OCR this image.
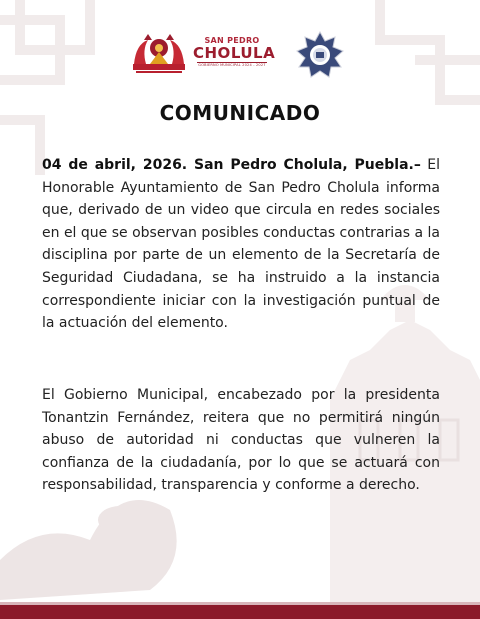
SAN PEDRO
CHOLULA
GOBIERNO MUNICIPAL 2024 - 2027
COMUNICADO

04 de abril, 2026. San Pedro Cholula, Puebla.– El Honorable Ayuntamiento de San Pedro Cholula informa que, derivado de un video que circula en redes sociales en el que se observan posibles conductas contrarias a la disciplina por parte de un elemento de la Secretaría de Seguridad Ciudadana, se ha instruido a la instancia correspondiente iniciar con la investigación puntual de la actuación del elemento.

El Gobierno Municipal, encabezado por la presidenta Tonantzin Fernández, reitera que no permitirá ningún abuso de autoridad ni conductas que vulneren la confianza de la ciudadanía, por lo que se actuará con responsabilidad, transparencia y conforme a derecho.
